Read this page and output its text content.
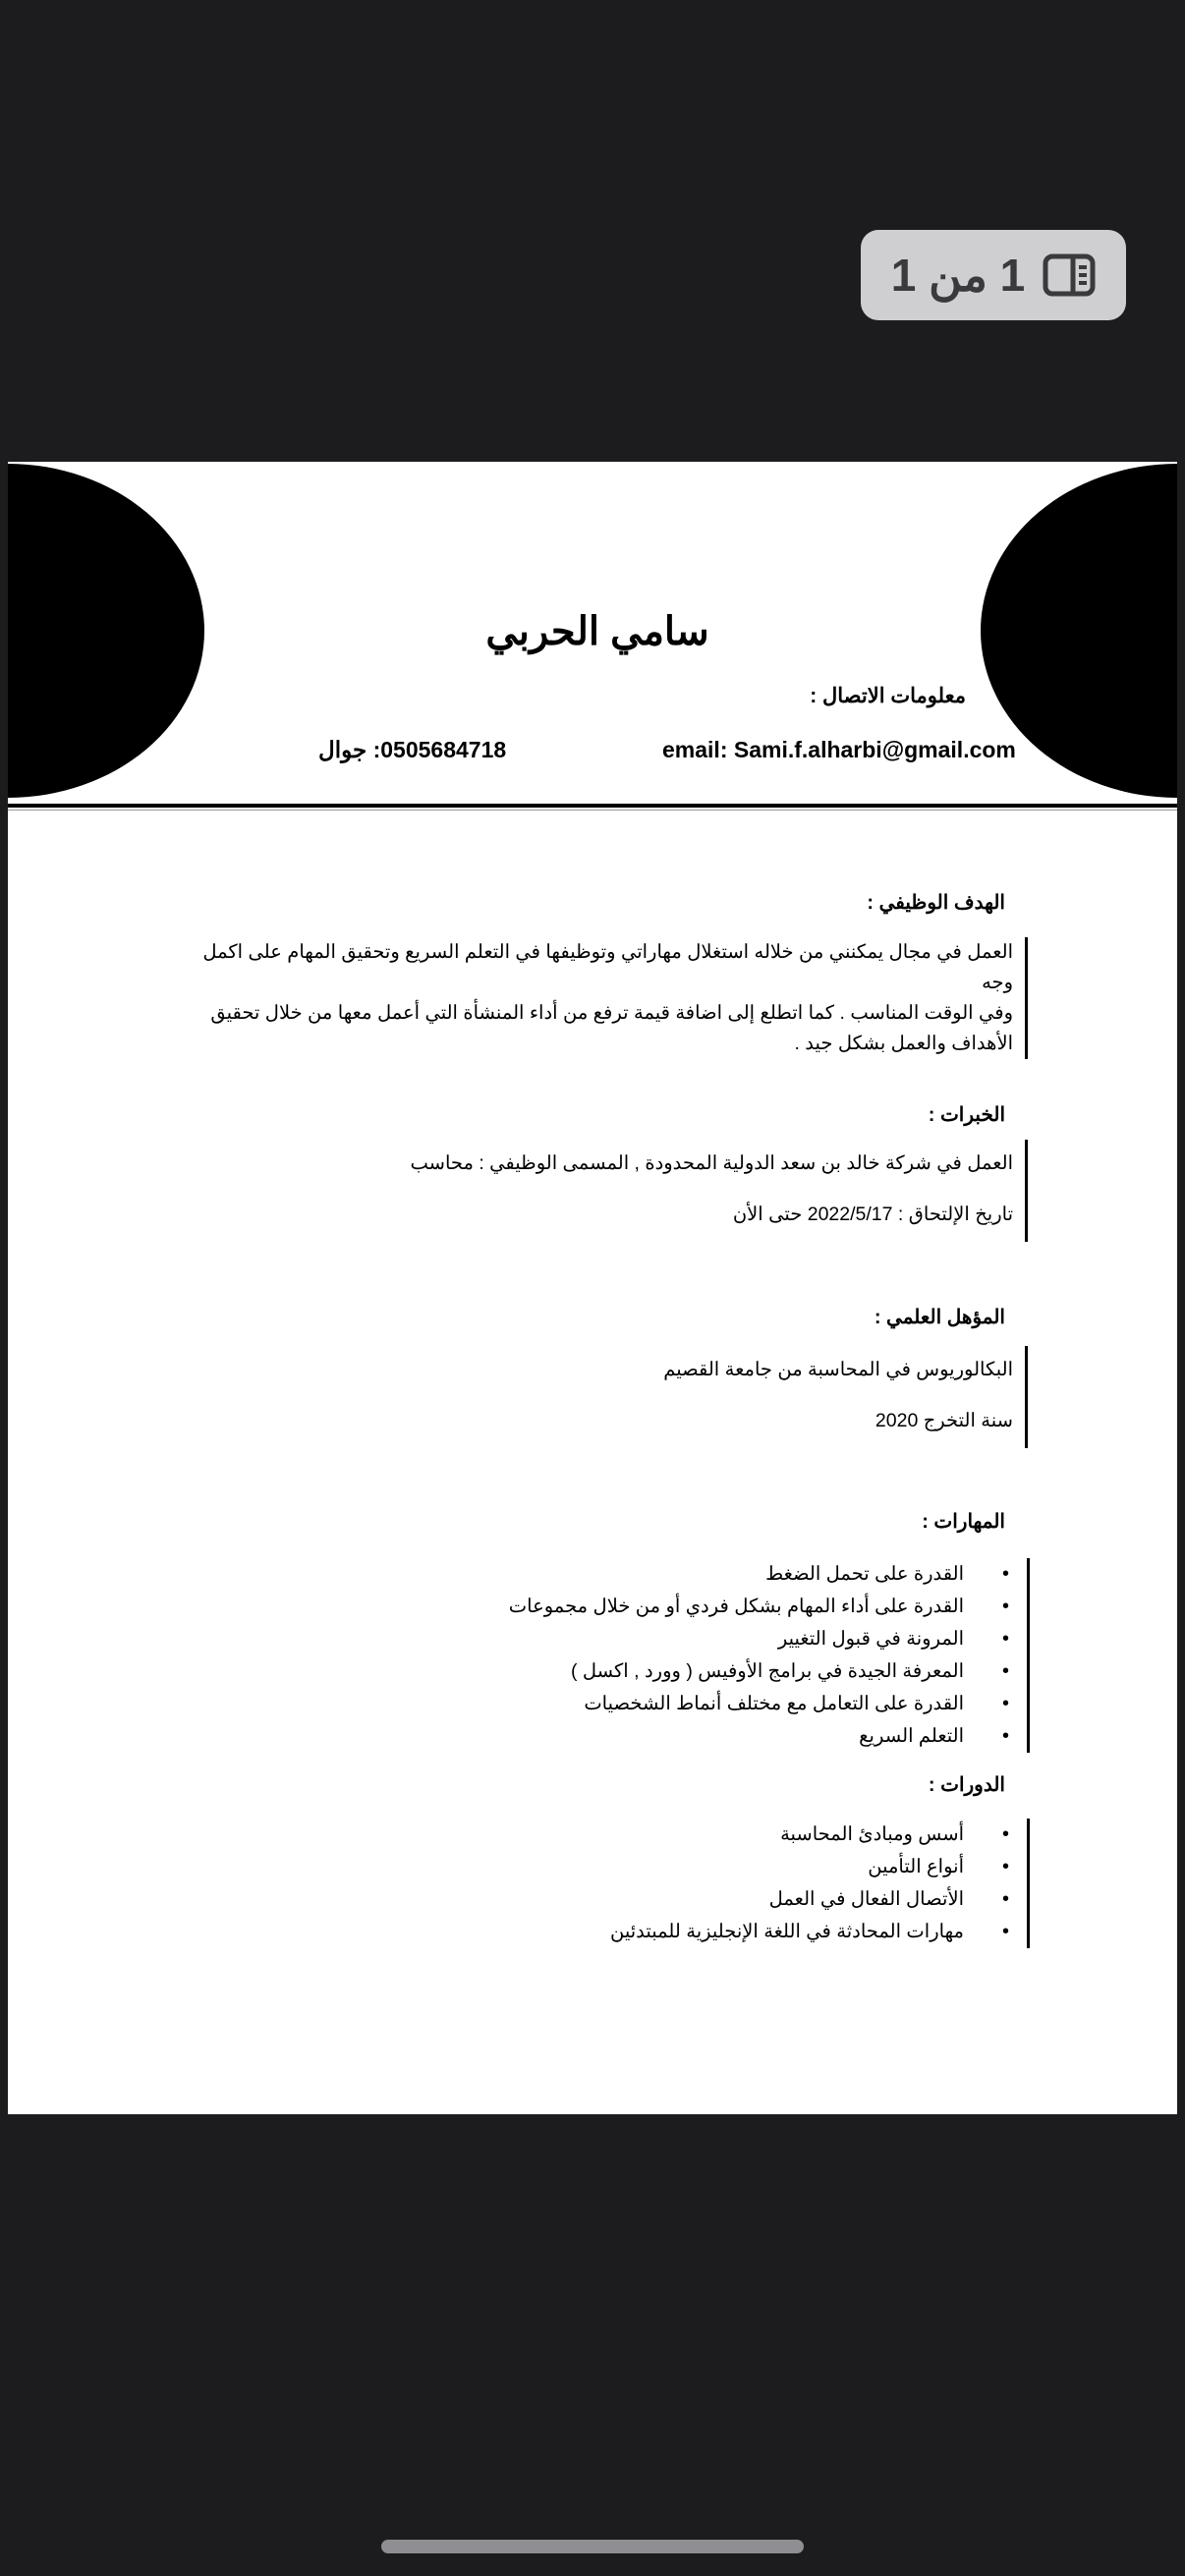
1 من 1
سامي الحربي
معلومات الاتصال :
email: Sami.f.alharbi@gmail.com
0505684718: جوال
الهدف الوظيفي :
العمل في مجال يمكنني من خلاله استغلال مهاراتي وتوظيفها في التعلم السريع وتحقيق المهام على اكمل وجه
وفي الوقت المناسب . كما اتطلع إلى اضافة قيمة ترفع من أداء المنشأة التي أعمل معها من خلال تحقيق
الأهداف والعمل بشكل جيد .
الخبرات :
العمل في شركة خالد بن سعد الدولية المحدودة , المسمى الوظيفي : محاسب
تاريخ الإلتحاق : 2022/5/17 حتى الأن
المؤهل العلمي :
البكالوريوس في المحاسبة من جامعة القصيم
سنة التخرج 2020
المهارات :
• القدرة على تحمل الضغط
• القدرة على أداء المهام بشكل فردي أو من خلال مجموعات
• المرونة في قبول التغيير
• المعرفة الجيدة في برامج الأوفيس ( وورد , اكسل )
• القدرة على التعامل مع مختلف أنماط الشخصيات
• التعلم السريع
الدورات :
• أسس ومبادئ المحاسبة
• أنواع التأمين
• الأتصال الفعال في العمل
• مهارات المحادثة في اللغة الإنجليزية للمبتدئين
